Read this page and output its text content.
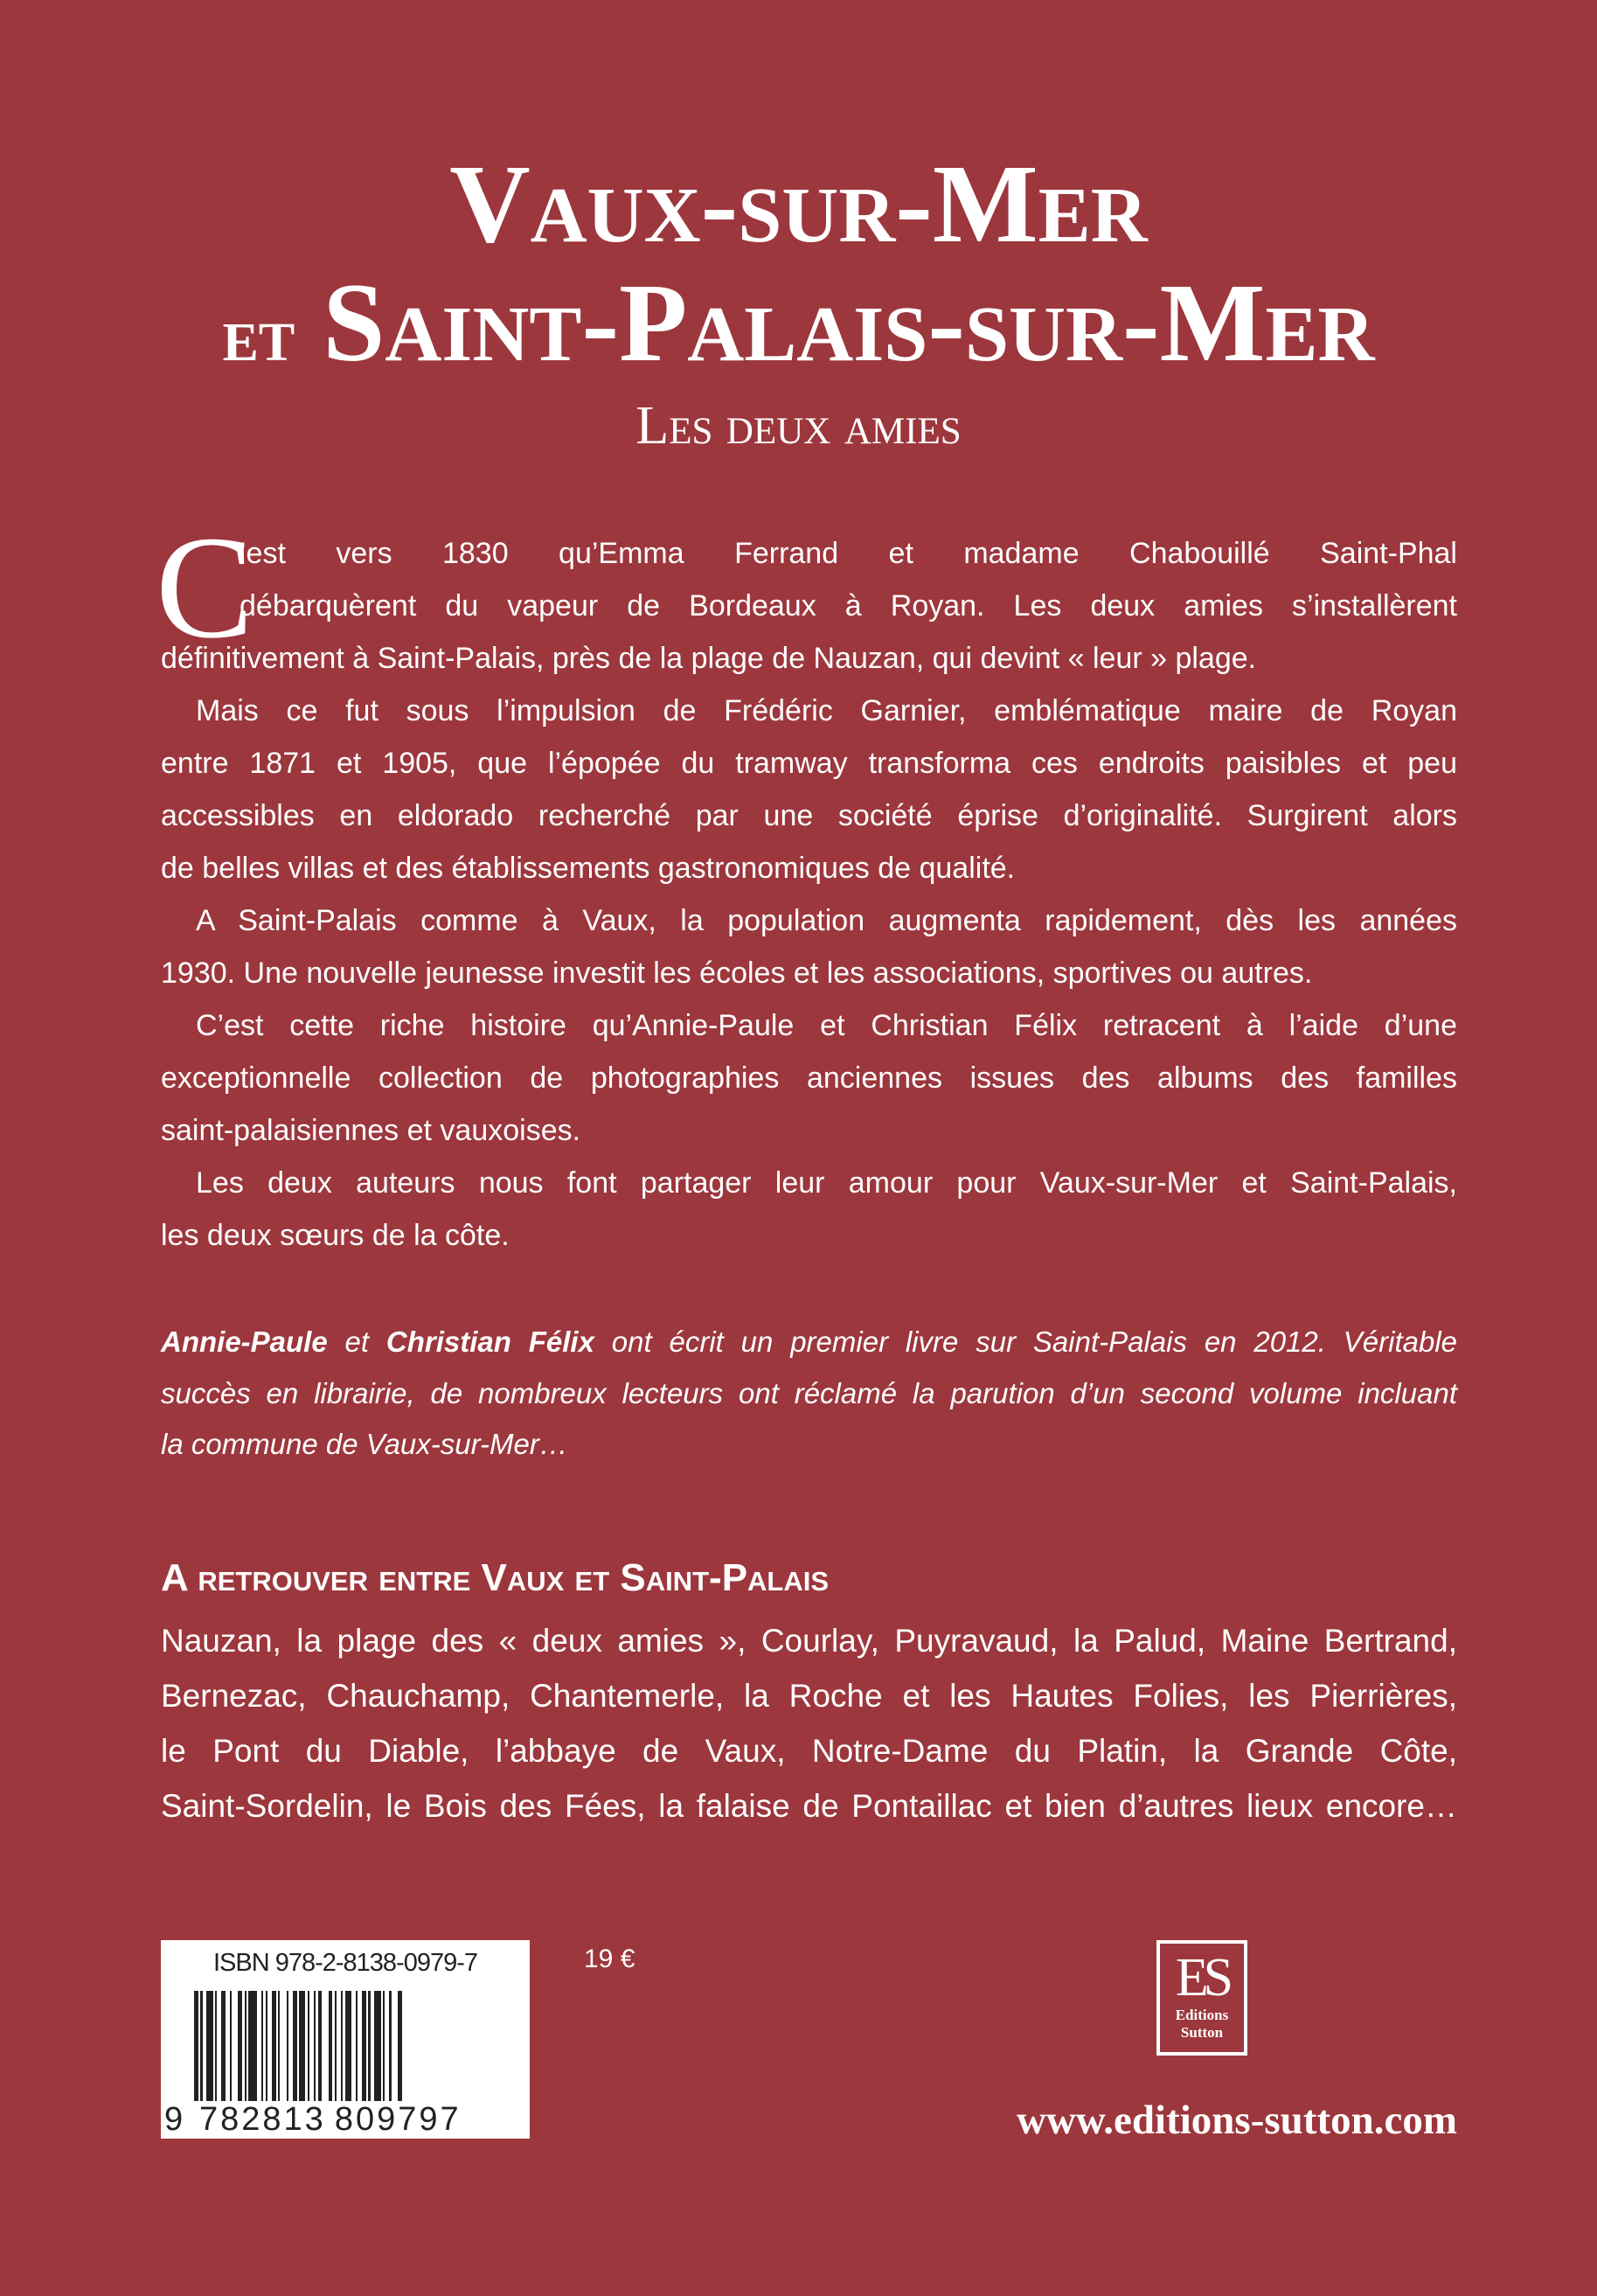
Vaux-sur-Mer
et Saint-Palais-sur-Mer
Les deux amies
C
’est vers 1830 qu’Emma Ferrand et madame Chabouillé Saint-Phal
débarquèrent du vapeur de Bordeaux à Royan. Les deux amies s’installèrent
définitivement à Saint-Palais, près de la plage de Nauzan, qui devint « leur » plage.
Mais ce fut sous l’impulsion de Frédéric Garnier, emblématique maire de Royan
entre 1871 et 1905, que l’épopée du tramway transforma ces endroits paisibles et peu
accessibles en eldorado recherché par une société éprise d’originalité. Surgirent alors
de belles villas et des établissements gastronomiques de qualité.
A Saint-Palais comme à Vaux, la population augmenta rapidement, dès les années
1930. Une nouvelle jeunesse investit les écoles et les associations, sportives ou autres.
C’est cette riche histoire qu’Annie-Paule et Christian Félix retracent à l’aide d’une
exceptionnelle collection de photographies anciennes issues des albums des familles
saint-palaisiennes et vauxoises.
Les deux auteurs nous font partager leur amour pour Vaux-sur-Mer et Saint-Palais,
les deux sœurs de la côte.
Annie-Paule et Christian Félix ont écrit un premier livre sur Saint-Palais en 2012. Véritable
succès en librairie, de nombreux lecteurs ont réclamé la parution d’un second volume incluant
la commune de Vaux-sur-Mer…
A retrouver entre Vaux et Saint-Palais
Nauzan, la plage des « deux amies », Courlay, Puyravaud, la Palud, Maine Bertrand,
Bernezac, Chauchamp, Chantemerle, la Roche et les Hautes Folies, les Pierrières,
le Pont du Diable, l’abbaye de Vaux, Notre-Dame du Platin, la Grande Côte,
Saint-Sordelin, le Bois des Fées, la falaise de Pontaillac et bien d’autres lieux encore…
ISBN 978-2-8138-0979-7
9 782813 809797
19 €	ES
Editions
Sutton
www.editions-sutton.com
